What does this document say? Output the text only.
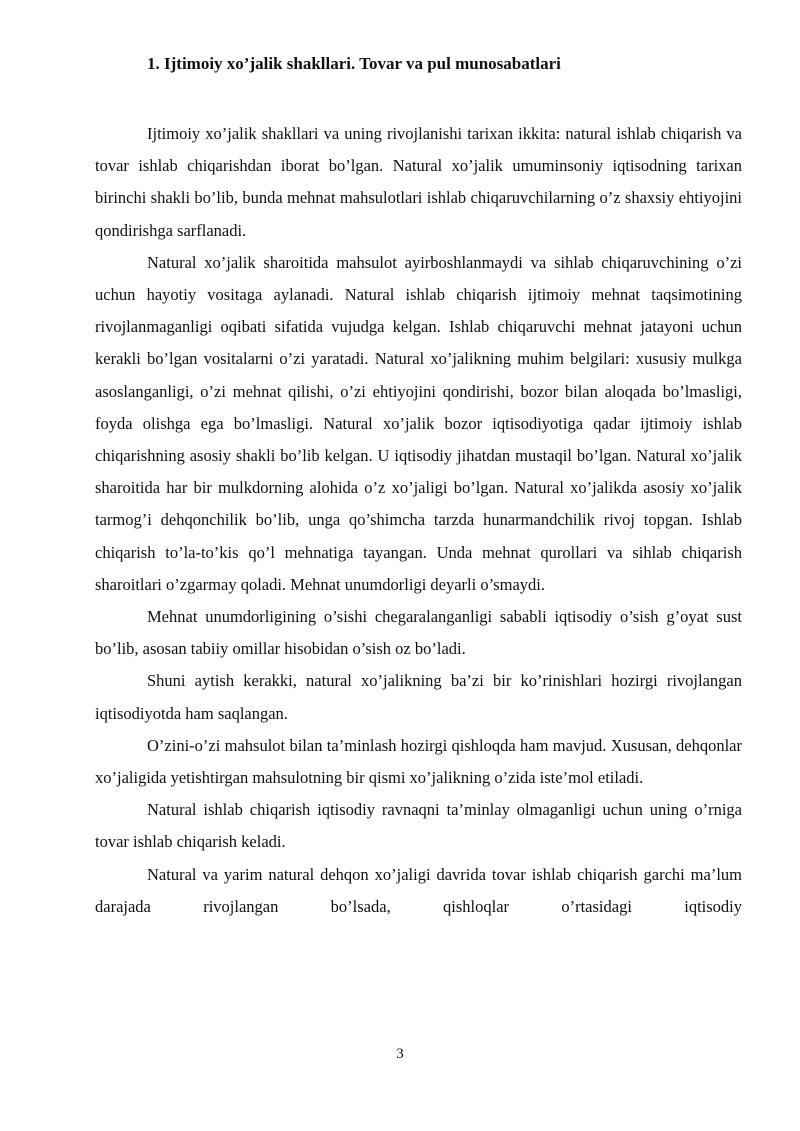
1. Ijtimoiy xo’jalik shakllari. Tovar va pul munosabatlari

Ijtimoiy xo’jalik shakllari va uning rivojlanishi tarixan ikkita: natural ishlab chiqarish va tovar ishlab chiqarishdan iborat bo’lgan. Natural xo’jalik umuminsoniy iqtisodning tarixan birinchi shakli bo’lib, bunda mehnat mahsulotlari ishlab chiqaruvchilarning o’z shaxsiy ehtiyojini qondirishga sarflanadi.

Natural xo’jalik sharoitida mahsulot ayirboshlanmaydi va sihlab chiqaruvchining o’zi uchun hayotiy vositaga aylanadi. Natural ishlab chiqarish ijtimoiy mehnat taqsimotining rivojlanmaganligi oqibati sifatida vujudga kelgan. Ishlab chiqaruvchi mehnat jatayoni uchun kerakli bo’lgan vositalarni o’zi yaratadi. Natural xo’jalikning muhim belgilari: xususiy mulkga asoslanganligi, o’zi mehnat qilishi, o’zi ehtiyojini qondirishi, bozor bilan aloqada bo’lmasligi, foyda olishga ega bo’lmasligi. Natural xo’jalik bozor iqtisodiyotiga qadar ijtimoiy ishlab chiqarishning asosiy shakli bo’lib kelgan. U iqtisodiy jihatdan mustaqil bo’lgan. Natural xo’jalik sharoitida har bir mulkdorning alohida o’z xo’jaligi bo’lgan. Natural xo’jalikda asosiy xo’jalik tarmog’i dehqonchilik bo’lib, unga qo’shimcha tarzda hunarmandchilik rivoj topgan. Ishlab chiqarish to’la-to’kis qo’l mehnatiga tayangan. Unda mehnat qurollari va sihlab chiqarish sharoitlari o’zgarmay qoladi. Mehnat unumdorligi deyarli o’smaydi.

Mehnat unumdorligining o’sishi chegaralanganligi sababli iqtisodiy o’sish g’oyat sust bo’lib, asosan tabiiy omillar hisobidan o’sish oz bo’ladi.

Shuni aytish kerakki, natural xo’jalikning ba’zi bir ko’rinishlari hozirgi rivojlangan iqtisodiyotda ham saqlangan.

O’zini-o’zi mahsulot bilan ta’minlash hozirgi qishloqda ham mavjud. Xususan, dehqonlar xo’jaligida yetishtirgan mahsulotning bir qismi xo’jalikning o’zida iste’mol etiladi.

Natural ishlab chiqarish iqtisodiy ravnaqni ta’minlay olmaganligi uchun uning o’rniga tovar ishlab chiqarish keladi.

Natural va yarim natural dehqon xo’jaligi davrida tovar ishlab chiqarish garchi ma’lum darajada rivojlangan bo’lsada, qishloqlar o’rtasidagi iqtisodiy

3
